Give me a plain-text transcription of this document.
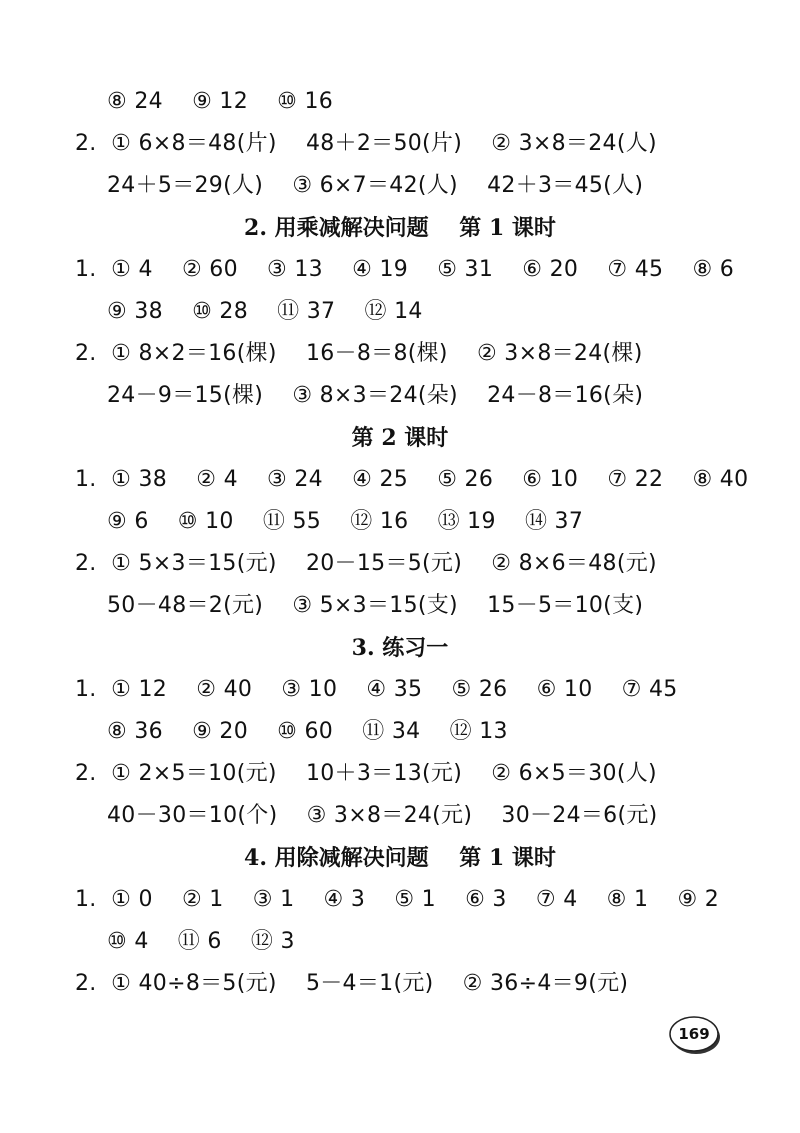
⑧ 24    ⑨ 12    ⑩ 16
2.  ① 6×8＝48(片)    48＋2＝50(片)    ② 3×8＝24(人)
24＋5＝29(人)    ③ 6×7＝42(人)    42＋3＝45(人)
2. 用乘减解决问题    第 1 课时
1.  ① 4    ② 60    ③ 13    ④ 19    ⑤ 31    ⑥ 20    ⑦ 45    ⑧ 6
⑨ 38    ⑩ 28    ⑪ 37    ⑫ 14
2.  ① 8×2＝16(棵)    16－8＝8(棵)    ② 3×8＝24(棵)
24－9＝15(棵)    ③ 8×3＝24(朵)    24－8＝16(朵)
第 2 课时
1.  ① 38    ② 4    ③ 24    ④ 25    ⑤ 26    ⑥ 10    ⑦ 22    ⑧ 40
⑨ 6    ⑩ 10    ⑪ 55    ⑫ 16    ⑬ 19    ⑭ 37
2.  ① 5×3＝15(元)    20－15＝5(元)    ② 8×6＝48(元)
50－48＝2(元)    ③ 5×3＝15(支)    15－5＝10(支)
3. 练习一
1.  ① 12    ② 40    ③ 10    ④ 35    ⑤ 26    ⑥ 10    ⑦ 45
⑧ 36    ⑨ 20    ⑩ 60    ⑪ 34    ⑫ 13
2.  ① 2×5＝10(元)    10＋3＝13(元)    ② 6×5＝30(人)
40－30＝10(个)    ③ 3×8＝24(元)    30－24＝6(元)
4. 用除减解决问题    第 1 课时
1.  ① 0    ② 1    ③ 1    ④ 3    ⑤ 1    ⑥ 3    ⑦ 4    ⑧ 1    ⑨ 2
⑩ 4    ⑪ 6    ⑫ 3
2.  ① 40÷8＝5(元)    5－4＝1(元)    ② 36÷4＝9(元)
169
